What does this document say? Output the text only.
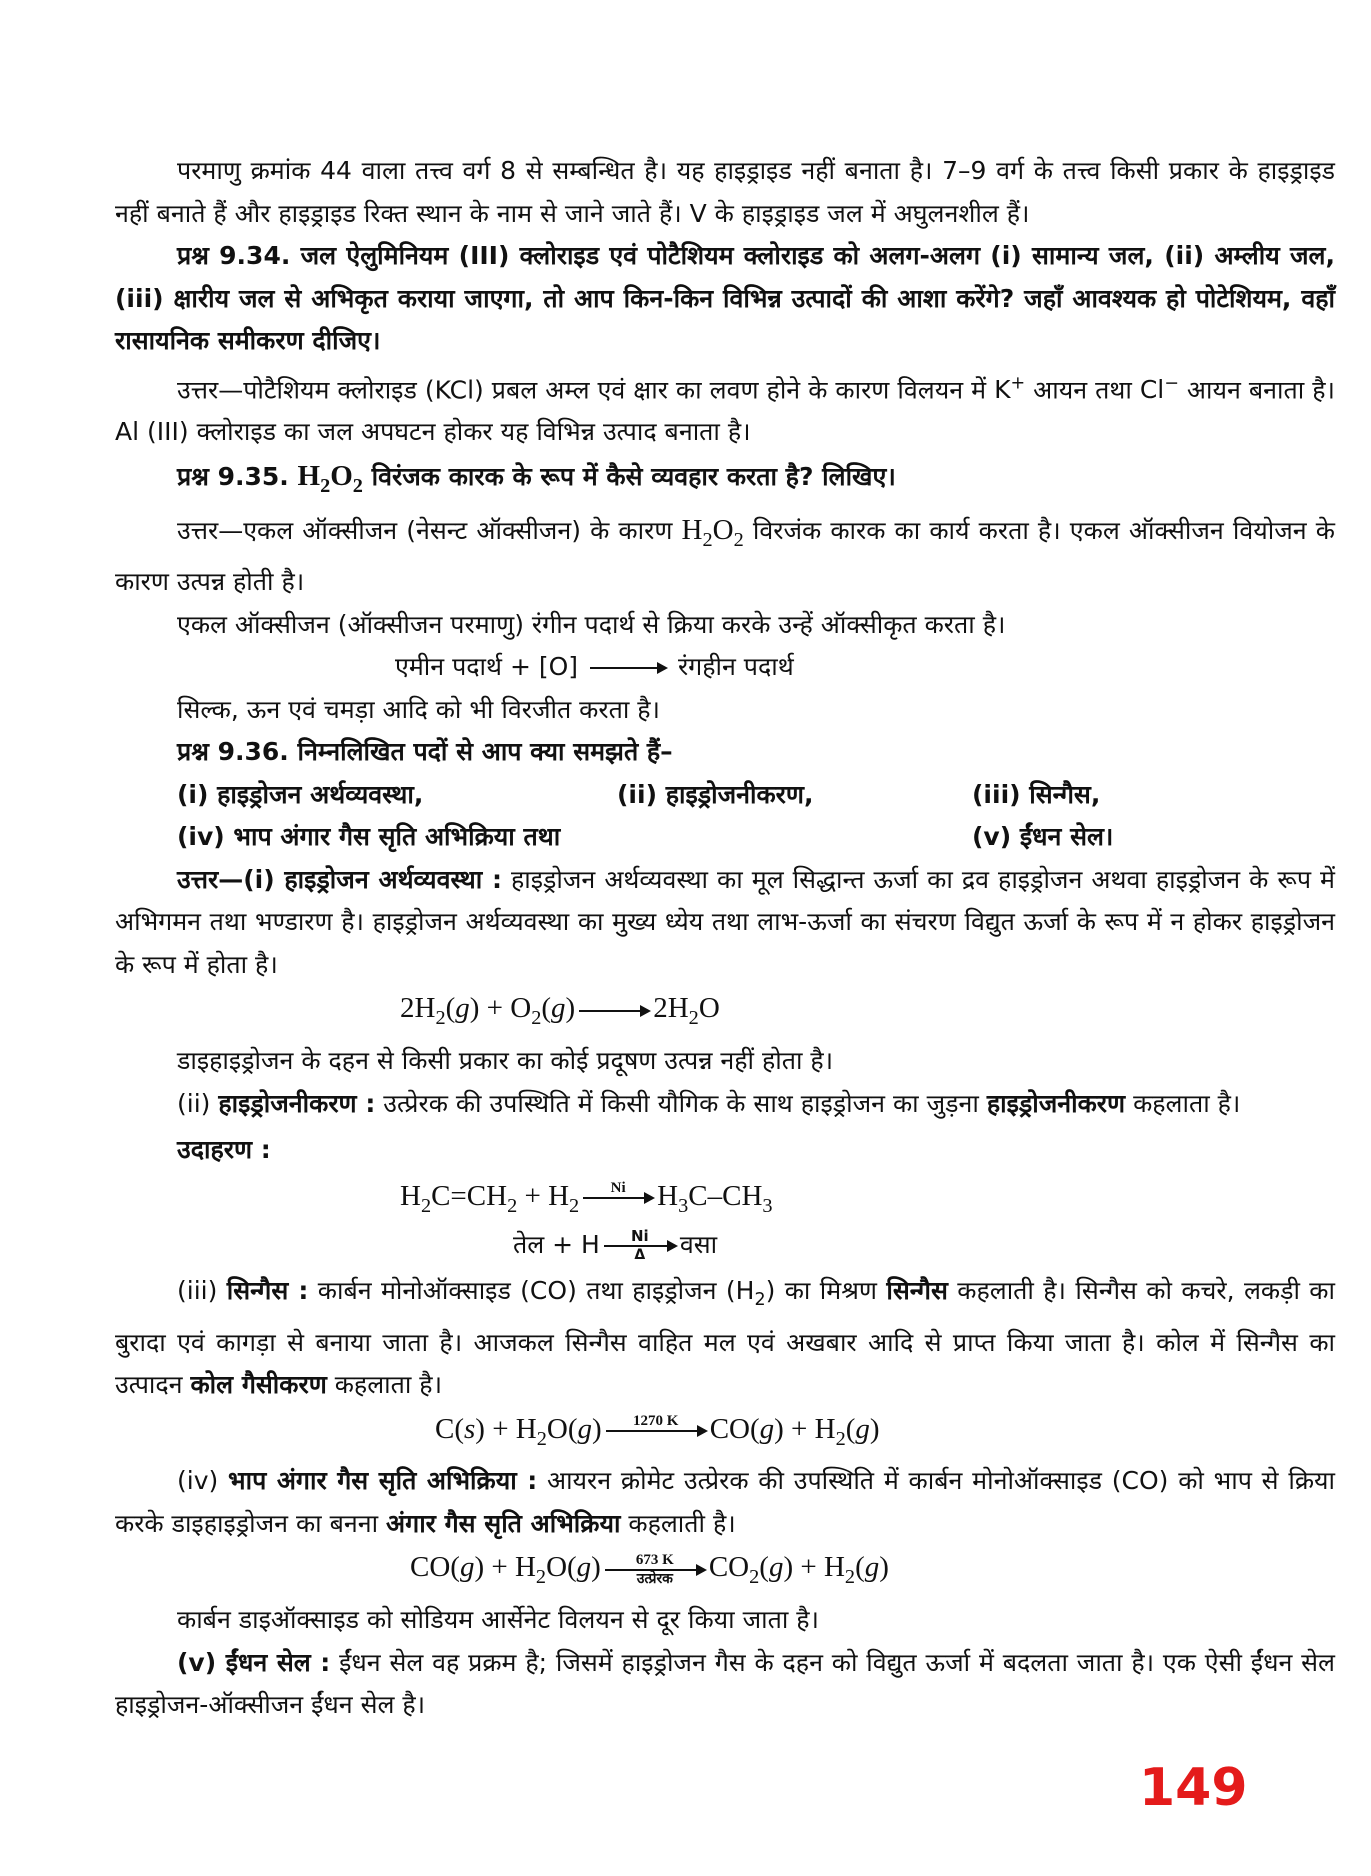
परमाणु क्रमांक 44 वाला तत्त्व वर्ग 8 से सम्बन्धित है। यह हाइड्राइड नहीं बनाता है। 7–9 वर्ग के तत्त्व किसी प्रकार के हाइड्राइड नहीं बनाते हैं और हाइड्राइड रिक्त स्थान के नाम से जाने जाते हैं। V के हाइड्राइड जल में अघुलनशील हैं।

प्रश्न 9.34. जल ऐलुमिनियम (III) क्लोराइड एवं पोटैशियम क्लोराइड को अलग-अलग (i) सामान्य जल, (ii) अम्लीय जल, (iii) क्षारीय जल से अभिकृत कराया जाएगा, तो आप किन-किन विभिन्न उत्पादों की आशा करेंगे? जहाँ आवश्यक हो पोटेशियम, वहाँ रासायनिक समीकरण दीजिए।

उत्तर—पोटैशियम क्लोराइड (KCl) प्रबल अम्ल एवं क्षार का लवण होने के कारण विलयन में K+ आयन तथा Cl− आयन बनाता है। Al (III) क्लोराइड का जल अपघटन होकर यह विभिन्न उत्पाद बनाता है।

प्रश्न 9.35. $H_2O_2$ विरंजक कारक के रूप में कैसे व्यवहार करता है? लिखिए।

उत्तर—एकल ऑक्सीजन (नेसन्ट ऑक्सीजन) के कारण $H_2O_2$ विरजंक कारक का कार्य करता है। एकल ऑक्सीजन वियोजन के कारण उत्पन्न होती है।

एकल ऑक्सीजन (ऑक्सीजन परमाणु) रंगीन पदार्थ से क्रिया करके उन्हें ऑक्सीकृत करता है।

एमीन पदार्थ + [O]	रंगहीन पदार्थ

सिल्क, ऊन एवं चमड़ा आदि को भी विरजीत करता है।

प्रश्न 9.36. निम्नलिखित पदों से आप क्या समझते हैं–

(i) हाइड्रोजन अर्थव्यवस्था,	(ii) हाइड्रोजनीकरण,	(iii) सिन्गैस,
(iv) भाप अंगार गैस सृति अभिक्रिया तथा	(v) ईंधन सेल।

उत्तर—(i) हाइड्रोजन अर्थव्यवस्था : हाइड्रोजन अर्थव्यवस्था का मूल सिद्धान्त ऊर्जा का द्रव हाइड्रोजन अथवा हाइड्रोजन के रूप में अभिगमन तथा भण्डारण है। हाइड्रोजन अर्थव्यवस्था का मुख्य ध्येय तथा लाभ-ऊर्जा का संचरण विद्युत ऊर्जा के रूप में न होकर हाइड्रोजन के रूप में होता है।

$2H_2(g) + O_2(g)$	$2H_2O$

डाइहाइड्रोजन के दहन से किसी प्रकार का कोई प्रदूषण उत्पन्न नहीं होता है।

(ii) हाइड्रोजनीकरण : उत्प्रेरक की उपस्थिति में किसी यौगिक के साथ हाइड्रोजन का जुड़ना हाइड्रोजनीकरण कहलाता है।

उदाहरण :

$H_2C=CH_2 + H_2$
Ni	$H_3C-CH_3$

तेल + H $\frac{Ni}{\Delta}$ वसा

(iii) सिन्गैस : कार्बन मोनोऑक्साइड (CO) तथा हाइड्रोजन $(H_2)$ का मिश्रण सिन्गैस कहलाती है। सिन्गैस को कचरे, लकड़ी का बुरादा एवं कागड़ा से बनाया जाता है। आजकल सिन्गैस वाहित मल एवं अखबार आदि से प्राप्त किया जाता है। कोल में सिन्गैस का उत्पादन कोल गैसीकरण कहलाता है।

$C(s) + H_2O(g)$	1270 K	$CO(g) + H_2(g)$

(iv) भाप अंगार गैस सृति अभिक्रिया : आयरन क्रोमेट उत्प्रेरक की उपस्थिति में कार्बन मोनोऑक्साइड (CO) को भाप से क्रिया करके डाइहाइड्रोजन का बनना अंगार गैस सृति अभिक्रिया कहलाती है।

$CO(g) + H_2O(g)$	673 K
उत्प्रेरक	$CO_2(g) + H_2(g)$

कार्बन डाइऑक्साइड को सोडियम आर्सेनेट विलयन से दूर किया जाता है।

(v) ईंधन सेल : ईंधन सेल वह प्रक्रम है; जिसमें हाइड्रोजन गैस के दहन को विद्युत ऊर्जा में बदलता जाता है। एक ऐसी ईंधन सेल हाइड्रोजन-ऑक्सीजन ईंधन सेल है।

149
